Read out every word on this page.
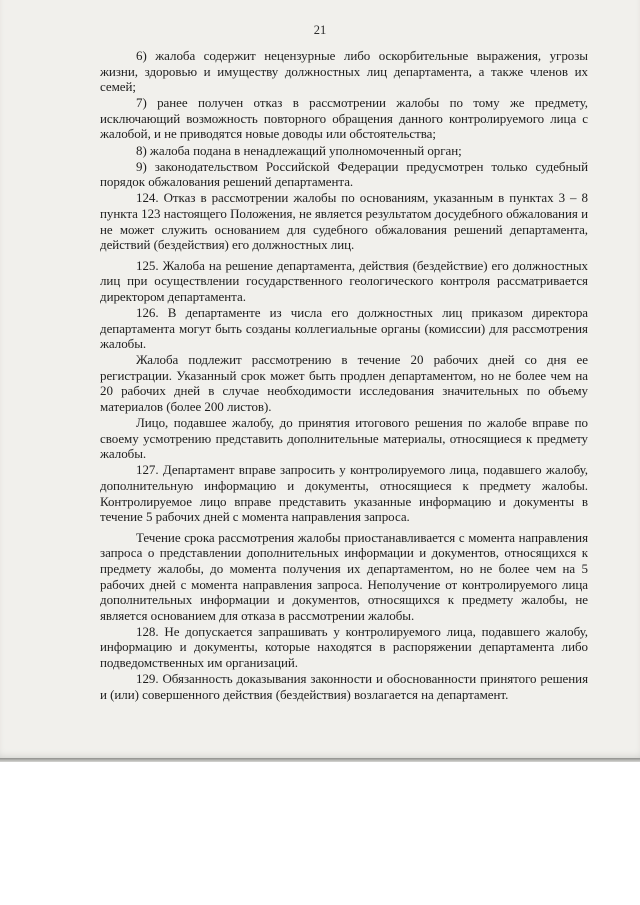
21

6) жалоба содержит нецензурные либо оскорбительные выражения, угрозы жизни, здоровью и имуществу должностных лиц департамента, а также членов их семей;

7) ранее получен отказ в рассмотрении жалобы по тому же предмету, исключающий возможность повторного обращения данного контролируемого лица с жалобой, и не приводятся новые доводы или обстоятельства;

8) жалоба подана в ненадлежащий уполномоченный орган;

9) законодательством Российской Федерации предусмотрен только судебный порядок обжалования решений департамента.

124. Отказ в рассмотрении жалобы по основаниям, указанным в пунктах 3 – 8 пункта 123 настоящего Положения, не является результатом досудебного обжалования и не может служить основанием для судебного обжалования решений департамента, действий (бездействия) его должностных лиц.

125. Жалоба на решение департамента, действия (бездействие) его должностных лиц при осуществлении государственного геологического контроля рассматривается директором департамента.

126. В департаменте из числа его должностных лиц приказом директора департамента могут быть созданы коллегиальные органы (комиссии) для рассмотрения жалобы.

Жалоба подлежит рассмотрению в течение 20 рабочих дней со дня ее регистрации. Указанный срок может быть продлен департаментом, но не более чем на 20 рабочих дней в случае необходимости исследования значительных по объему материалов (более 200 листов).

Лицо, подавшее жалобу, до принятия итогового решения по жалобе вправе по своему усмотрению представить дополнительные материалы, относящиеся к предмету жалобы.

127. Департамент вправе запросить у контролируемого лица, подавшего жалобу, дополнительную информацию и документы, относящиеся к предмету жалобы. Контролируемое лицо вправе представить указанные информацию и документы в течение 5 рабочих дней с момента направления запроса.

Течение срока рассмотрения жалобы приостанавливается с момента направления запроса о представлении дополнительных информации и документов, относящихся к предмету жалобы, до момента получения их департаментом, но не более чем на 5 рабочих дней с момента направления запроса. Неполучение от контролируемого лица дополнительных информации и документов, относящихся к предмету жалобы, не является основанием для отказа в рассмотрении жалобы.

128. Не допускается запрашивать у контролируемого лица, подавшего жалобу, информацию и документы, которые находятся в распоряжении департамента либо подведомственных им организаций.

129. Обязанность доказывания законности и обоснованности принятого решения и (или) совершенного действия (бездействия) возлагается на департамент.
